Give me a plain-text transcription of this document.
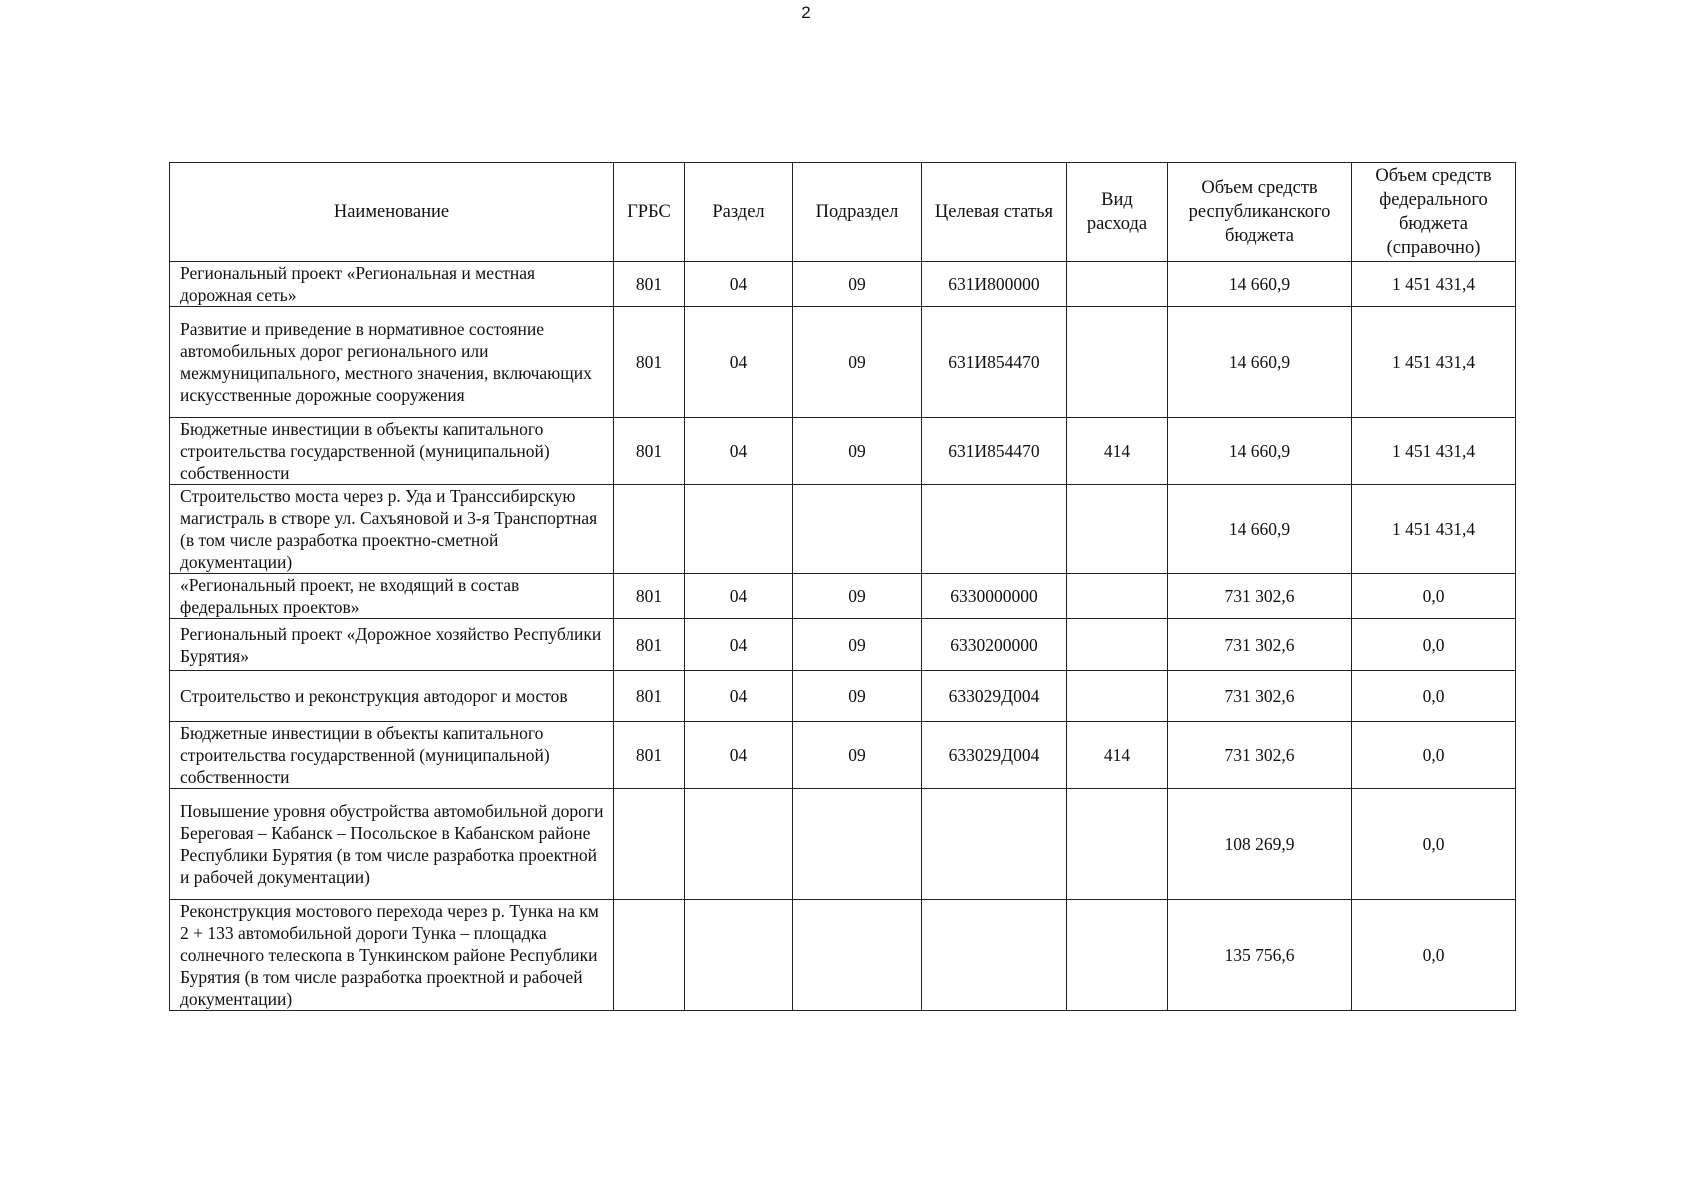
2
Наименование	ГРБС	Раздел	Подраздел	Целевая статья	Вид расхода	Объем средств республиканского бюджета	Объем средств федерального бюджета (справочно)
Региональный проект «Региональная и местная дорожная сеть»	801	04	09	631И800000		14 660,9	1 451 431,4
Развитие и приведение в нормативное состояние автомобильных дорог регионального или межмуниципального, местного значения, включающих искусственные дорожные сооружения	801	04	09	631И854470		14 660,9	1 451 431,4
Бюджетные инвестиции в объекты капитального строительства государственной (муниципальной) собственности	801	04	09	631И854470	414	14 660,9	1 451 431,4
Строительство моста через р. Уда и Транссибирскую магистраль в створе ул. Сахъяновой и 3-я Транспортная (в том числе разработка проектно-сметной документации)						14 660,9	1 451 431,4
«Региональный проект, не входящий в состав федеральных проектов»	801	04	09	6330000000		731 302,6	0,0
Региональный проект «Дорожное хозяйство Республики Бурятия»	801	04	09	6330200000		731 302,6	0,0
Строительство и реконструкция автодорог и мостов	801	04	09	633029Д004		731 302,6	0,0
Бюджетные инвестиции в объекты капитального строительства государственной (муниципальной) собственности	801	04	09	633029Д004	414	731 302,6	0,0
Повышение уровня обустройства автомобильной дороги Береговая – Кабанск – Посольское в Кабанском районе Республики Бурятия (в том числе разработка проектной и рабочей документации)						108 269,9	0,0
Реконструкция мостового перехода через р. Тунка на км 2 + 133 автомобильной дороги Тунка – площадка солнечного телескопа в Тункинском районе Республики Бурятия (в том числе разработка проектной и рабочей документации)						135 756,6	0,0
